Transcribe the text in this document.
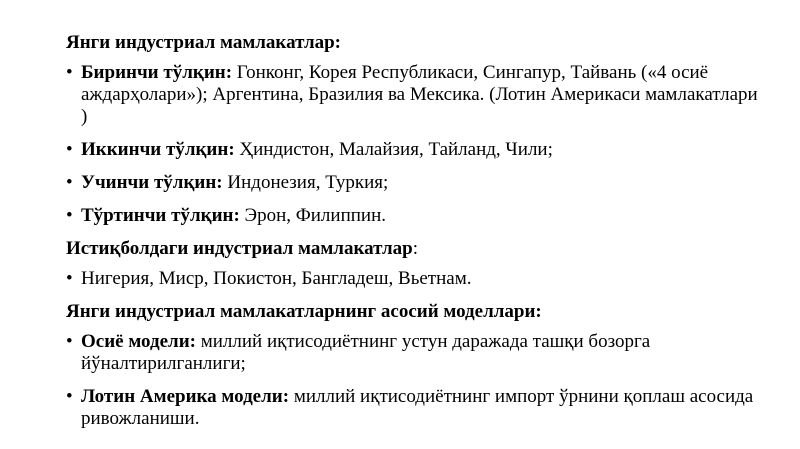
Янги индустриал мамлакатлар:
• Биринчи тўлқин: Гонконг, Корея Республикаси, Сингапур, Тайвань («4 осиё аждарҳолари»); Аргентина, Бразилия ва Мексика. (Лотин Америкаси мамлакатлари )
• Иккинчи тўлқин: Ҳиндистон, Малайзия, Тайланд, Чили;
• Учинчи тўлқин: Индонезия, Туркия;
• Тўртинчи тўлқин: Эрон, Филиппин.
Истиқболдаги индустриал мамлакатлар:
• Нигерия, Миср, Покистон, Бангладеш, Вьетнам.
Янги индустриал мамлакатларнинг асосий моделлари:
• Осиё модели: миллий иқтисодиётнинг устун даражада ташқи бозорга йўналтирилганлиги;
• Лотин Америка модели: миллий иқтисодиётнинг импорт ўрнини қоплаш асосида ривожланиши.
